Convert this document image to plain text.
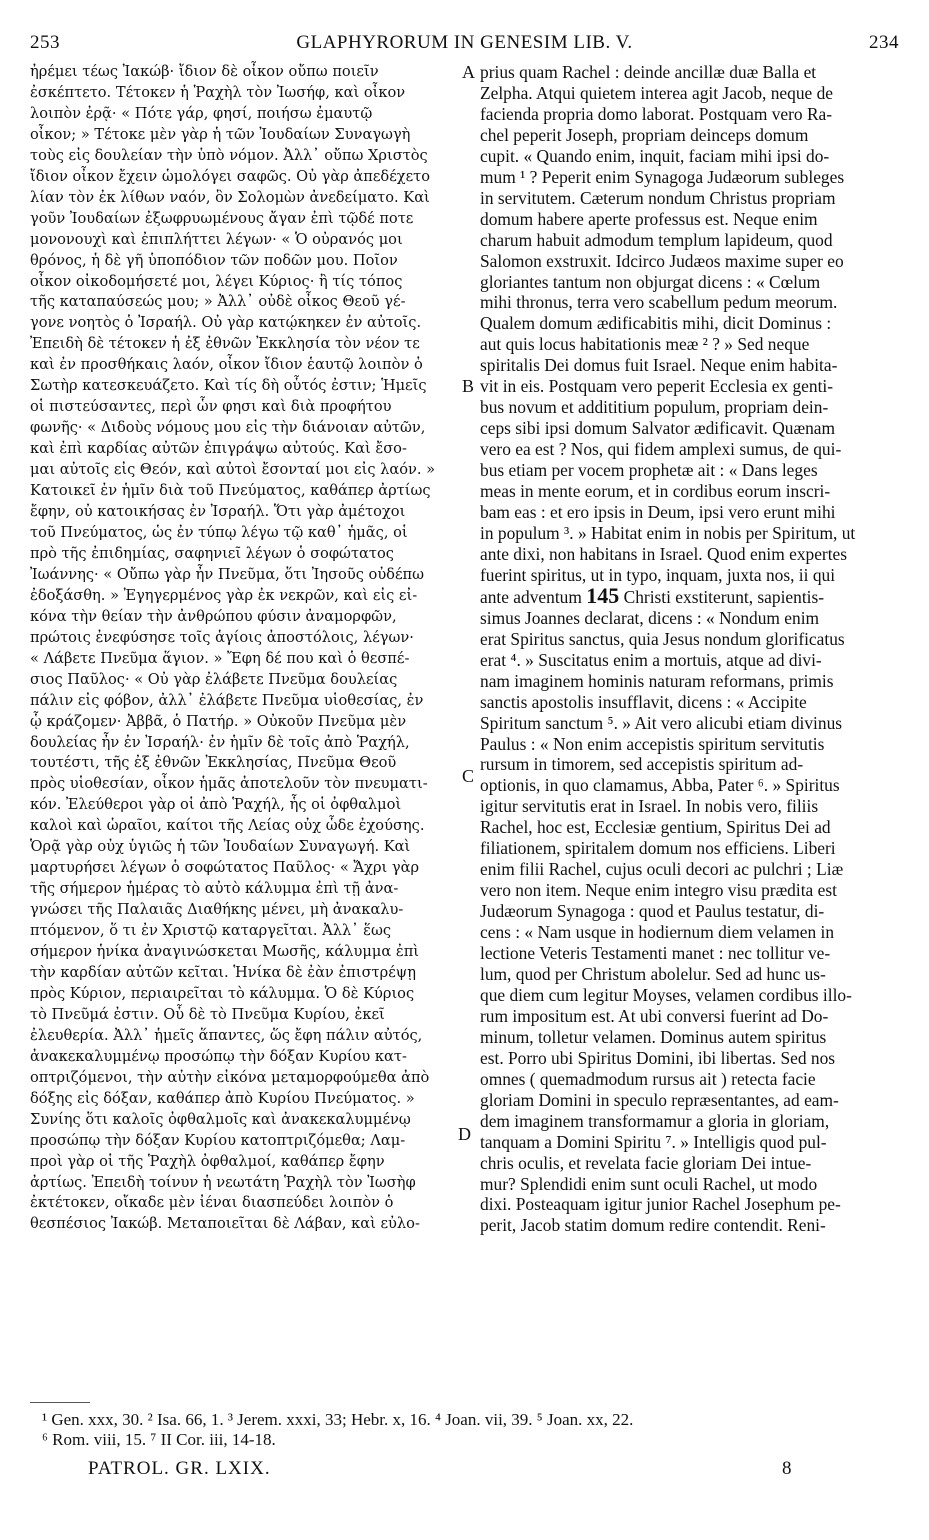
253	GLAPHYRORUM IN GENESIM LIB. V.	234

ἠρέμει τέως Ἰακώβ· ἴδιον δὲ οἶκον οὔπω ποιεῖν

ἐσκέπτετο. Τέτοκεν ἡ Ῥαχὴλ τὸν Ἰωσήφ, καὶ οἶκον

λοιπὸν ἐρᾷ· « Πότε γάρ, φησί, ποιήσω ἐμαυτῷ

οἶκον; » Τέτοκε μὲν γὰρ ἡ τῶν Ἰουδαίων Συναγωγὴ

τοὺς εἰς δουλείαν τὴν ὑπὸ νόμον. Ἀλλ᾽ οὔπω Χριστὸς

ἴδιον οἶκον ἔχειν ὡμολόγει σαφῶς. Οὐ γὰρ ἀπεδέχετο

λίαν τὸν ἐκ λίθων ναόν, ὃν Σολομὼν ἀνεδείματο. Καὶ

γοῦν Ἰουδαίων ἐξωφρυωμένους ἄγαν ἐπὶ τῷδέ ποτε

μονονουχὶ καὶ ἐπιπλήττει λέγων· « Ὁ οὐρανός μοι

θρόνος, ἡ δὲ γῆ ὑποπόδιον τῶν ποδῶν μου. Ποῖον

οἶκον οἰκοδομήσετέ μοι, λέγει Κύριος· ἢ τίς τόπος

τῆς καταπαύσεώς μου; » Ἀλλ᾽ οὐδὲ οἶκος Θεοῦ γέ-

γονε νοητὸς ὁ Ἰσραήλ. Οὐ γὰρ κατῴκηκεν ἐν αὐτοῖς.

Ἐπειδὴ δὲ τέτοκεν ἡ ἐξ ἐθνῶν Ἐκκλησία τὸν νέον τε

καὶ ἐν προσθήκαις λαόν, οἶκον ἴδιον ἑαυτῷ λοιπὸν ὁ

Σωτὴρ κατεσκευάζετο. Καὶ τίς δὴ οὗτός ἐστιν; Ἡμεῖς

οἱ πιστεύσαντες, περὶ ὧν φησι καὶ διὰ προφήτου

φωνῆς· « Διδοὺς νόμους μου εἰς τὴν διάνοιαν αὐτῶν,

καὶ ἐπὶ καρδίας αὐτῶν ἐπιγράψω αὐτούς. Καὶ ἔσο-

μαι αὐτοῖς εἰς Θεόν, καὶ αὐτοὶ ἔσονταί μοι εἰς λαόν. »

Κατοικεῖ ἐν ἡμῖν διὰ τοῦ Πνεύματος, καθάπερ ἀρτίως

ἔφην, οὐ κατοικήσας ἐν Ἰσραήλ. Ὅτι γὰρ ἀμέτοχοι

τοῦ Πνεύματος, ὡς ἐν τύπῳ λέγω τῷ καθ᾽ ἡμᾶς, οἱ

πρὸ τῆς ἐπιδημίας, σαφηνιεῖ λέγων ὁ σοφώτατος

Ἰωάννης· « Οὔπω γὰρ ἦν Πνεῦμα, ὅτι Ἰησοῦς οὐδέπω

ἐδοξάσθη. » Ἐγηγερμένος γὰρ ἐκ νεκρῶν, καὶ εἰς εἰ-

κόνα τὴν θείαν τὴν ἀνθρώπου φύσιν ἀναμορφῶν,

πρώτοις ἐνεφύσησε τοῖς ἁγίοις ἀποστόλοις, λέγων·

« Λάβετε Πνεῦμα ἅγιον. » Ἔφη δέ που καὶ ὁ θεσπέ-

σιος Παῦλος· « Οὐ γὰρ ἐλάβετε Πνεῦμα δουλείας

πάλιν εἰς φόβον, ἀλλ᾽ ἐλάβετε Πνεῦμα υἱοθεσίας, ἐν

ᾧ κράζομεν· Ἀββᾶ, ὁ Πατήρ. » Οὐκοῦν Πνεῦμα μὲν

δουλείας ἦν ἐν Ἰσραήλ· ἐν ἡμῖν δὲ τοῖς ἀπὸ Ῥαχήλ,

τουτέστι, τῆς ἐξ ἐθνῶν Ἐκκλησίας, Πνεῦμα Θεοῦ

πρὸς υἱοθεσίαν, οἶκον ἡμᾶς ἀποτελοῦν τὸν πνευματι-

κόν. Ἐλεύθεροι γὰρ οἱ ἀπὸ Ῥαχήλ, ἧς οἱ ὀφθαλμοὶ

καλοὶ καὶ ὡραῖοι, καίτοι τῆς Λείας οὐχ ὧδε ἐχούσης.

Ὁρᾷ γὰρ οὐχ ὑγιῶς ἡ τῶν Ἰουδαίων Συναγωγή. Καὶ

μαρτυρήσει λέγων ὁ σοφώτατος Παῦλος· « Ἄχρι γὰρ

τῆς σήμερον ἡμέρας τὸ αὐτὸ κάλυμμα ἐπὶ τῇ ἀνα-

γνώσει τῆς Παλαιᾶς Διαθήκης μένει, μὴ ἀνακαλυ-

πτόμενον, ὅ τι ἐν Χριστῷ καταργεῖται. Ἀλλ᾽ ἕως

σήμερον ἡνίκα ἀναγινώσκεται Μωσῆς, κάλυμμα ἐπὶ

τὴν καρδίαν αὐτῶν κεῖται. Ἡνίκα δὲ ἐὰν ἐπιστρέψῃ

πρὸς Κύριον, περιαιρεῖται τὸ κάλυμμα. Ὁ δὲ Κύριος

τὸ Πνεῦμά ἐστιν. Οὗ δὲ τὸ Πνεῦμα Κυρίου, ἐκεῖ

ἐλευθερία. Ἀλλ᾽ ἡμεῖς ἅπαντες, ὥς ἔφη πάλιν αὐτός,

ἀνακεκαλυμμένῳ προσώπῳ τὴν δόξαν Κυρίου κατ-

οπτριζόμενοι, τὴν αὐτὴν εἰκόνα μεταμορφούμεθα ἀπὸ

δόξης εἰς δόξαν, καθάπερ ἀπὸ Κυρίου Πνεύματος. »

Συνίης ὅτι καλοῖς ὀφθαλμοῖς καὶ ἀνακεκαλυμμένῳ

προσώπῳ τὴν δόξαν Κυρίου κατοπτριζόμεθα; Λαμ-

προὶ γὰρ οἱ τῆς Ῥαχὴλ ὀφθαλμοί, καθάπερ ἔφην

ἀρτίως. Ἐπειδὴ τοίνυν ἡ νεωτάτη Ῥαχὴλ τὸν Ἰωσὴφ

ἐκτέτοκεν, οἴκαδε μὲν ἰέναι διασπεύδει λοιπὸν ὁ

θεσπέσιος Ἰακώβ. Μεταποιεῖται δὲ Λάβαν, καὶ εὐλο-

prius quam Rachel : deinde ancillæ duæ Balla et

Zelpha. Atqui quietem interea agit Jacob, neque de

facienda propria domo laborat. Postquam vero Ra-

chel peperit Joseph, propriam deinceps domum

cupit. « Quando enim, inquit, faciam mihi ipsi do-

mum ¹ ? Peperit enim Synagoga Judæorum subleges

in servitutem. Cæterum nondum Christus propriam

domum habere aperte professus est. Neque enim

charum habuit admodum templum lapideum, quod

Salomon exstruxit. Idcirco Judæos maxime super eo

gloriantes tantum non objurgat dicens : « Cœlum

mihi thronus, terra vero scabellum pedum meorum.

Qualem domum ædificabitis mihi, dicit Dominus :

aut quis locus habitationis meæ ² ? » Sed neque

spiritalis Dei domus fuit Israel. Neque enim habita-

vit in eis. Postquam vero peperit Ecclesia ex genti-

bus novum et addititium populum, propriam dein-

ceps sibi ipsi domum Salvator ædificavit. Quænam

vero ea est ? Nos, qui fidem amplexi sumus, de qui-

bus etiam per vocem prophetæ ait : « Dans leges

meas in mente eorum, et in cordibus eorum inscri-

bam eas : et ero ipsis in Deum, ipsi vero erunt mihi

in populum ³. » Habitat enim in nobis per Spiritum, ut

ante dixi, non habitans in Israel. Quod enim expertes

fuerint spiritus, ut in typo, inquam, juxta nos, ii qui

ante adventum 145 Christi exstiterunt, sapientis-

simus Joannes declarat, dicens : « Nondum enim

erat Spiritus sanctus, quia Jesus nondum glorificatus

erat ⁴. » Suscitatus enim a mortuis, atque ad divi-

nam imaginem hominis naturam reformans, primis

sanctis apostolis insufflavit, dicens : « Accipite

Spiritum sanctum ⁵. » Ait vero alicubi etiam divinus

Paulus : « Non enim accepistis spiritum servitutis

rursum in timorem, sed accepistis spiritum ad-

optionis, in quo clamamus, Abba, Pater ⁶. » Spiritus

igitur servitutis erat in Israel. In nobis vero, filiis

Rachel, hoc est, Ecclesiæ gentium, Spiritus Dei ad

filiationem, spiritalem domum nos efficiens. Liberi

enim filii Rachel, cujus oculi decori ac pulchri ; Liæ

vero non item. Neque enim integro visu prædita est

Judæorum Synagoga : quod et Paulus testatur, di-

cens : « Nam usque in hodiernum diem velamen in

lectione Veteris Testamenti manet : nec tollitur ve-

lum, quod per Christum abolelur. Sed ad hunc us-

que diem cum legitur Moyses, velamen cordibus illo-

rum impositum est. At ubi conversi fuerint ad Do-

minum, tolletur velamen. Dominus autem spiritus

est. Porro ubi Spiritus Domini, ibi libertas. Sed nos

omnes ( quemadmodum rursus ait ) retecta facie

gloriam Domini in speculo repræsentantes, ad eam-

dem imaginem transformamur a gloria in gloriam,

tanquam a Domini Spiritu ⁷. » Intelligis quod pul-

chris oculis, et revelata facie gloriam Dei intue-

mur? Splendidi enim sunt oculi Rachel, ut modo

dixi. Posteaquam igitur junior Rachel Josephum pe-

perit, Jacob statim domum redire contendit. Reni-

A
B
C
D

¹ Gen. xxx, 30. ² Isa. 66, 1. ³ Jerem. xxxi, 33; Hebr. x, 16. ⁴ Joan. vii, 39. ⁵ Joan. xx, 22.

⁶ Rom. viii, 15. ⁷ II Cor. iii, 14-18.

PATROL. GR. LXIX.	8
